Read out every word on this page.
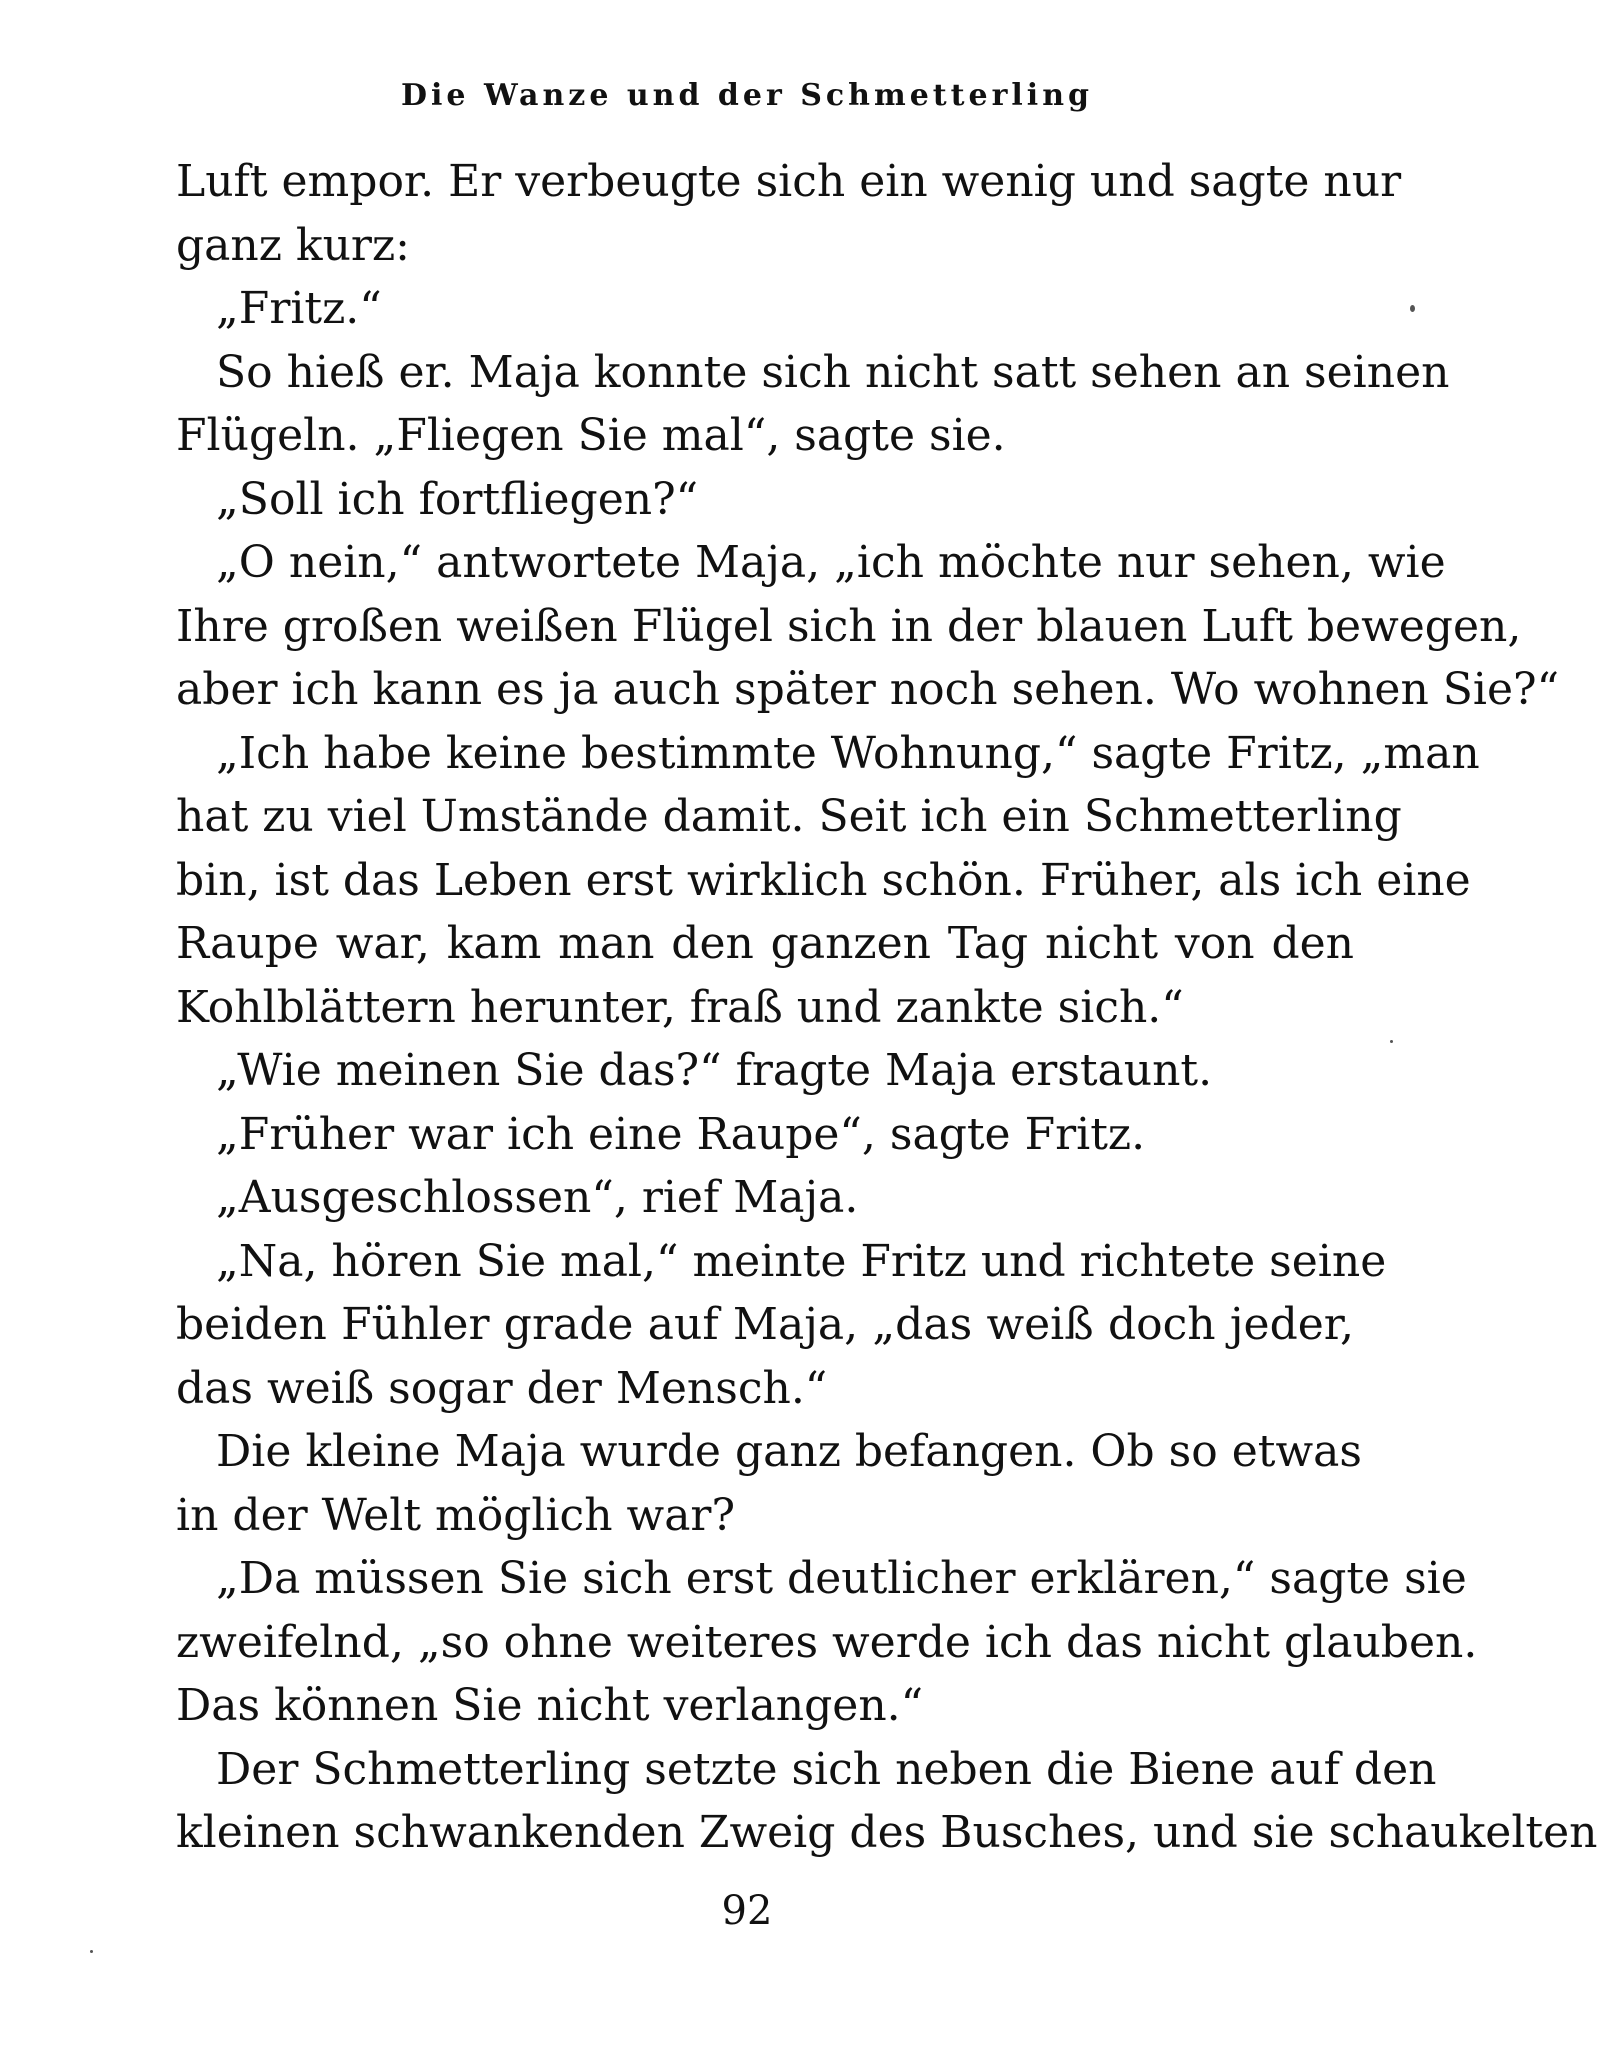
Die Wanze und der Schmetterling
Luft empor. Er verbeugte sich ein wenig und sagte nur
ganz kurz:
„Fritz.“
So hieß er. Maja konnte sich nicht satt sehen an seinen
Flügeln. „Fliegen Sie mal“, sagte sie.
„Soll ich fortfliegen?“
„O nein,“ antwortete Maja, „ich möchte nur sehen, wie
Ihre großen weißen Flügel sich in der blauen Luft bewegen,
aber ich kann es ja auch später noch sehen. Wo wohnen Sie?“
„Ich habe keine bestimmte Wohnung,“ sagte Fritz, „man
hat zu viel Umstände damit. Seit ich ein Schmetterling
bin, ist das Leben erst wirklich schön. Früher, als ich eine
Raupe war, kam man den ganzen Tag nicht von den
Kohlblättern herunter, fraß und zankte sich.“
„Wie meinen Sie das?“ fragte Maja erstaunt.
„Früher war ich eine Raupe“, sagte Fritz.
„Ausgeschlossen“, rief Maja.
„Na, hören Sie mal,“ meinte Fritz und richtete seine
beiden Fühler grade auf Maja, „das weiß doch jeder,
das weiß sogar der Mensch.“
Die kleine Maja wurde ganz befangen. Ob so etwas
in der Welt möglich war?
„Da müssen Sie sich erst deutlicher erklären,“ sagte sie
zweifelnd, „so ohne weiteres werde ich das nicht glauben.
Das können Sie nicht verlangen.“
Der Schmetterling setzte sich neben die Biene auf den
kleinen schwankenden Zweig des Busches, und sie schaukelten
92
